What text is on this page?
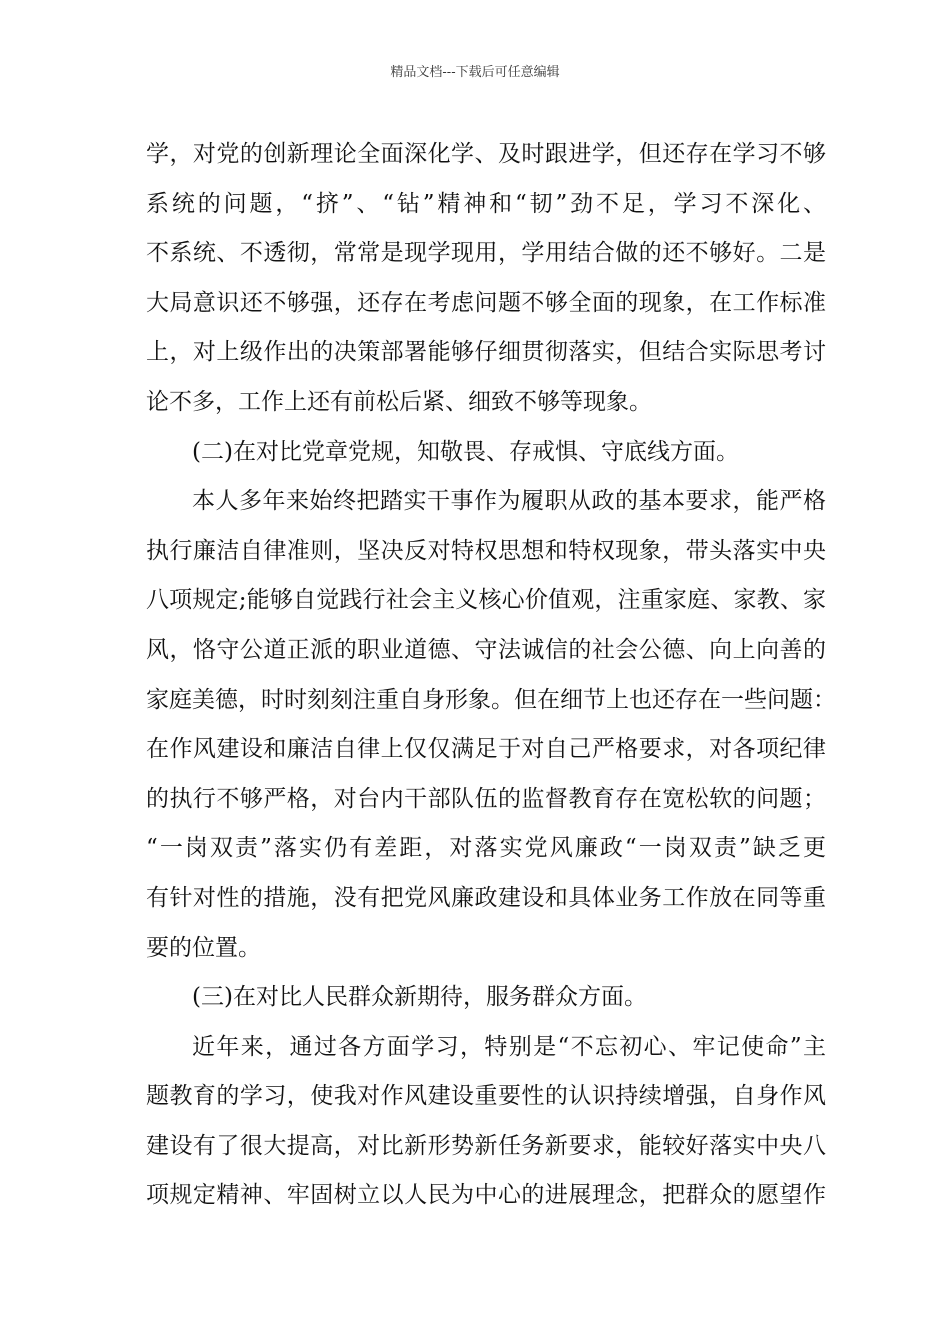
精品文档---下载后可任意编辑
学，对党的创新理论全面深化学、及时跟进学，但还存在学习不够
系统的问题，“挤”、“钻”精神和“韧”劲不足，学习不深化、
不系统、不透彻，常常是现学现用，学用结合做的还不够好。二是
大局意识还不够强，还存在考虑问题不够全面的现象，在工作标准
上，对上级作出的决策部署能够仔细贯彻落实，但结合实际思考讨
论不多，工作上还有前松后紧、细致不够等现象。
(二)在对比党章党规，知敬畏、存戒惧、守底线方面。
本人多年来始终把踏实干事作为履职从政的基本要求，能严格
执行廉洁自律准则，坚决反对特权思想和特权现象，带头落实中央
八项规定;能够自觉践行社会主义核心价值观，注重家庭、家教、家
风，恪守公道正派的职业道德、守法诚信的社会公德、向上向善的
家庭美德，时时刻刻注重自身形象。但在细节上也还存在一些问题：
在作风建设和廉洁自律上仅仅满足于对自己严格要求，对各项纪律
的执行不够严格，对台内干部队伍的监督教育存在宽松软的问题；
“一岗双责”落实仍有差距，对落实党风廉政“一岗双责”缺乏更
有针对性的措施，没有把党风廉政建设和具体业务工作放在同等重
要的位置。
(三)在对比人民群众新期待，服务群众方面。
近年来，通过各方面学习，特别是“不忘初心、牢记使命”主
题教育的学习，使我对作风建设重要性的认识持续增强，自身作风
建设有了很大提高，对比新形势新任务新要求，能较好落实中央八
项规定精神、牢固树立以人民为中心的进展理念，把群众的愿望作
